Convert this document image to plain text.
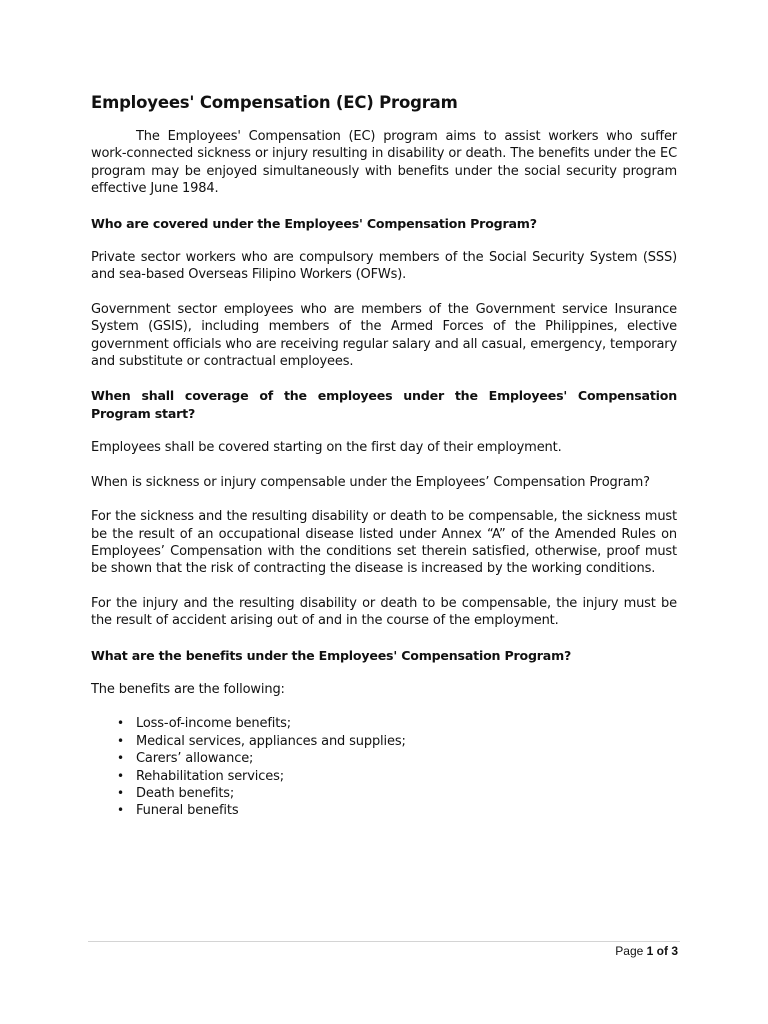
Employees' Compensation (EC) Program

The Employees' Compensation (EC) program aims to assist workers who suffer work-connected sickness or injury resulting in disability or death. The benefits under the EC program may be enjoyed simultaneously with benefits under the social security program effective June 1984.

Who are covered under the Employees' Compensation Program?

Private sector workers who are compulsory members of the Social Security System (SSS) and sea-based Overseas Filipino Workers (OFWs).

Government sector employees who are members of the Government service Insurance System (GSIS), including members of the Armed Forces of the Philippines, elective government officials who are receiving regular salary and all casual, emergency, temporary and substitute or contractual employees.

When shall coverage of the employees under the Employees' Compensation Program start?

Employees shall be covered starting on the first day of their employment.

When is sickness or injury compensable under the Employees’ Compensation Program?

For the sickness and the resulting disability or death to be compensable, the sickness must be the result of an occupational disease listed under Annex “A” of the Amended Rules on Employees’ Compensation with the conditions set therein satisfied, otherwise, proof must be shown that the risk of contracting the disease is increased by the working conditions.

For the injury and the resulting disability or death to be compensable, the injury must be the result of accident arising out of and in the course of the employment.

What are the benefits under the Employees' Compensation Program?

The benefits are the following:

• Loss-of-income benefits;
• Medical services, appliances and supplies;
• Carers’ allowance;
• Rehabilitation services;
• Death benefits;
• Funeral benefits
Page 1 of 3
